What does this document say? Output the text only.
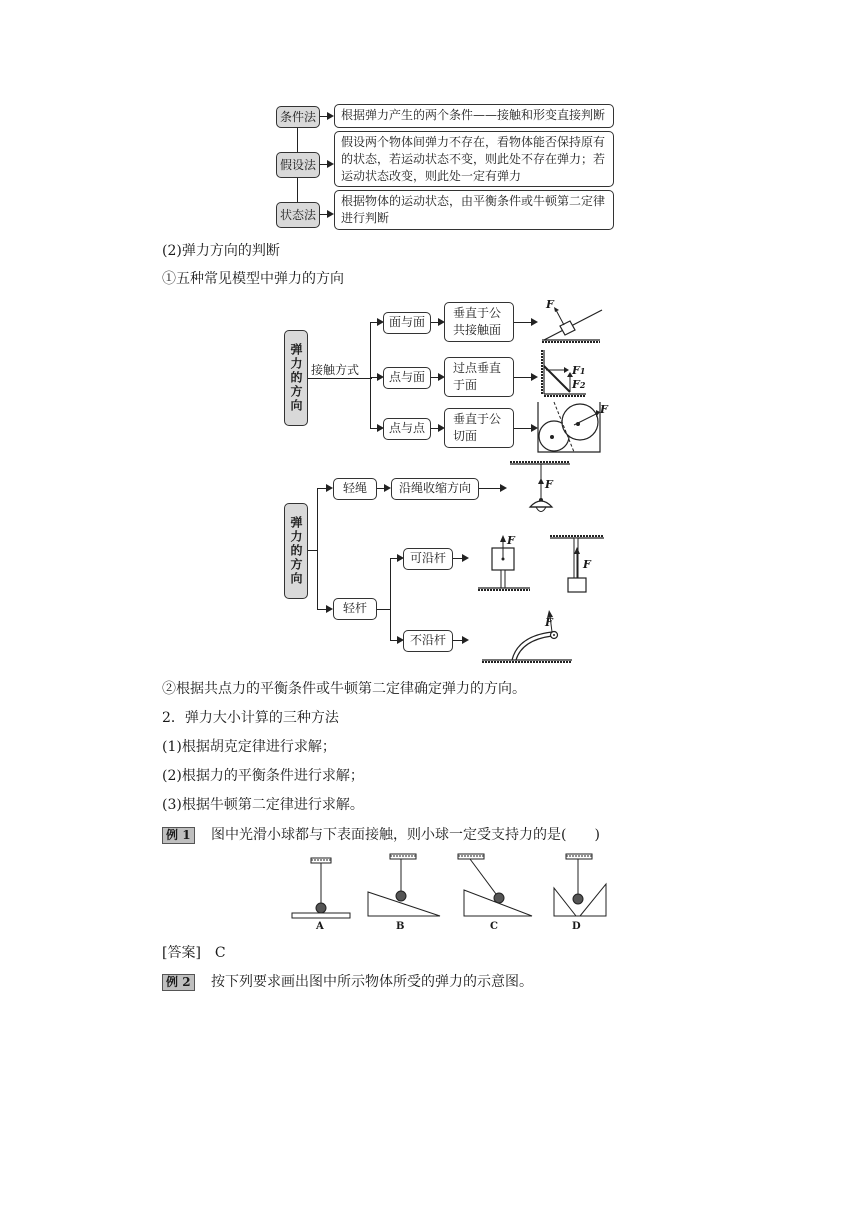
条件法
假设法
状态法
根据弹力产生的两个条件——接触和形变直接判断
假设两个物体间弹力不存在，看物体能否保持原有的状态，若运动状态不变，则此处不存在弹力；若运动状态改变，则此处一定有弹力
根据物体的运动状态，由平衡条件或牛顿第二定律进行判断
(2)弹力方向的判断
①五种常见模型中弹力的方向
弹力的方向 接触方式
面与面
点与面
点与点
垂直于公共接触面
过点垂直于面
垂直于公切面
F
F1
F2
F
弹力的方向
轻绳	沿绳收缩方向
轻杆
可沿杆
不沿杆
F
F
F
F
②根据共点力的平衡条件或牛顿第二定律确定弹力的方向。
2．弹力大小计算的三种方法
(1)根据胡克定律进行求解；
(2)根据力的平衡条件进行求解；
(3)根据牛顿第二定律进行求解。
例 1 图中光滑小球都与下表面接触，则小球一定受支持力的是(　　)
A	B	C	D
[答案]　C
例 2 按下列要求画出图中所示物体所受的弹力的示意图。
